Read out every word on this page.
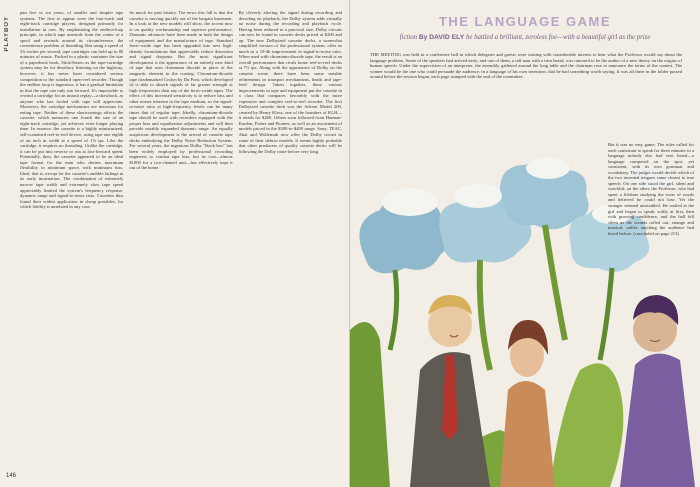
PLAYBOY
pan five or six years, of smaller and simpler tape systems. The first to appear were the four-track and eight-track cartridge players, designed primarily for installation in cars. By emphasizing the endless-loop principle, in which tape unwinds from the center of a spool and rewinds around its circumference, the convenience problem of threading film using a speed of 3¾ inches per second, tape cartridges can hold up to 80 minutes of music. Packed in a plastic container the size of a paperback book, Stick/Stereo as the tape-cartridge system may be for desultory listening on the highway, however, it has never been considered serious competition to the standard open-reel recorder. Though the endless loop is ingenious, it has a gradual limitation in that the tape can only run forward. It's impossible to rewind a cartridge for an instant replay—a drawback, as anyone who has fooled with tape will appreciate. Moreover, the cartridge mechanisms are notorious for eating tape. Neither of these shortcomings affects the cassette, which measures one fourth the size of an eight-track cartridge, yet achieves even longer playing time. In essence, the cassette is a highly miniaturized, self-contained reel-to-reel device, using tape one eighth of an inch in width at a speed of 1⅞ ips. Like the cartridge, it requires no threading. Unlike the cartridge, it can be put into reverse or run at fast-forward speed. Potentially, then, the cassette appeared to be an ideal tape format for the man who desires maximum flexibility in minimum space, with minimum fuss. Ideal, that is, except for the cassette's audible failings in its early incarnation. The combination of extremely narrow tape width and extremely slow tape speed appreciably limited the system's frequency response, dynamic range and signal-to-noise ratio. Cassettes thus found their widest application in cheap portables, for which fidelity is unrelated in any case.
So much for past history. The news this fall is that the cassette is moving quickly out of the bargain basement. In a look at the new models will show, the accent now is on quality workmanship and superior performance. Dramatic advances have been made in both the design of equipment and the manufacture of tape. Standard ferric-oxide tape has been upgraded into new high-density formulations that appreciably reduce distortion and signal dropouts. But the most significant development is the appearance of an entirely new kind of tape that uses chromium dioxide in place of the magnetic element in the coating. Chromium-dioxide tape (trademarked Crolyn by Du Pont, which developed it) is able to absorb signals of far greater strength at high frequencies than any of the ferric-oxide tapes. The effect of this increased sensitivity is to reduce hiss and other noises inherent in the tape medium, so the signal-to-noise ratio at high-frequency levels can be many times that of regular tape. Ideally, chromium-dioxide tape should be used with recorders equipped with the proper bias and equalization adjustments and will then provide notably expanded dynamic range. An equally auspicious development is the arrival of cassette tape decks embodying the Dolby Noise Reduction System. For several years, the ingenious Dolby "black box" has been widely employed by professional recording engineers to combat tape hiss, but its cost—almost $1000 for a two-channel unit—has effectively kept it out of the home.
By cleverly altering the signal during recording and decoding on playback, the Dolby system adds virtually no noise during the recording and playback cycle. Having been reduced to a practical size, Dolby circuits can now be found in cassette decks priced at $200 and up. The new Dolbyized cassette decks, a somewhat simplified version of the professional system, offer as much as a 10-db improvement in signal-to-noise ratio. When used with chromium-dioxide tape, the result is an overall performance that rivals home reel-to-reel decks at 7½ ips. Along with the appearance of Dolby on the cassette scene, there have been some notable refinements in transport mechanisms, heads and tape-feed design. Taken together, these various improvements in tape and equipment put the cassette in a class that compares favorably with the more expensive and complex reel-to-reel recorder. The first Dolbyized cassette deck was the Advent Model 200, created by Henry Kloss, one of the founders of KLH—it retails for $260. Others soon followed from Harman-Kardon, Fisher and Pioneer, as well as an assortment of models priced in the $300-to-$400 range. Sony, TEAC, Akai and Wollensak now offer the Dolby circuit in some of their deluxe models. It seems highly probable that other producers of quality cassette decks will be following the Dolby route before very long.
146
THE LANGUAGE GAME
fiction By DAVID ELY he battled a brilliant, zeroless foe—with a beautiful girl as the prize
THE MEETING was held in a conference hall in which delegates and guests were waiting with considerable interest to hear what the Professor would say about the language problem. Some of the speakers had arrived early, and one of them, a tall man with a trim beard, was rumored to be the author of a new theory on the origins of human speech. Under the supervision of an interpreter, the assembly gathered around the long table and the chairman rose to announce the terms of the contest. The winner would be the one who could persuade the audience, in a language of his own invention, that he had something worth saying. It was all there in the folder passed around before the session began, each page stamped with the seal of the committee.
But it was no easy game. The rules called for each contestant to speak for three minutes in a language nobody else had ever heard—a language composed on the spot, yet consistent, with its own grammar and vocabulary. The judges would decide which of the two invented tongues came closest to true speech. On one side stood the girl, silent and watchful; on the other, the Professor, who had spent a lifetime studying the roots of words and believed he could not lose. Yet the stranger seemed untroubled. He smiled at the girl and began to speak, softly at first, then with growing confidence, and the hall fell silent as the sounds rolled out, strange and musical, unlike anything the audience had heard before. (concluded on page 213)
